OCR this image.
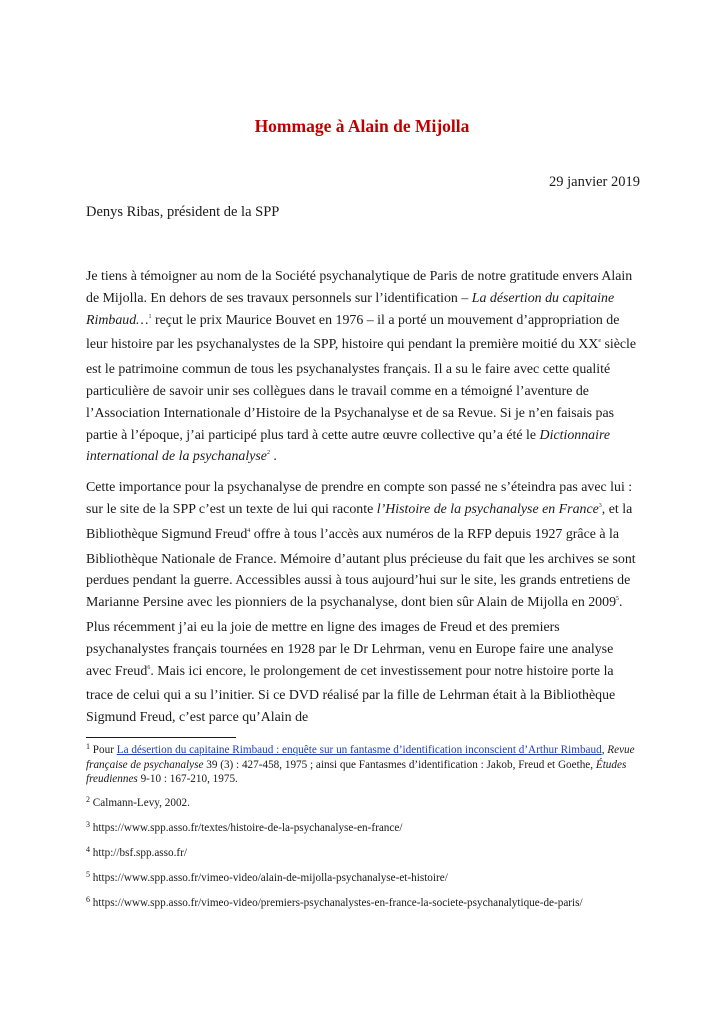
Hommage à Alain de Mijolla

29 janvier 2019

Denys Ribas, président de la SPP

Je tiens à témoigner au nom de la Société psychanalytique de Paris de notre gratitude envers Alain de Mijolla. En dehors de ses travaux personnels sur l’identification – La désertion du capitaine Rimbaud…$^1$ reçut le prix Maurice Bouvet en 1976 – il a porté un mouvement d’appropriation de leur histoire par les psychanalystes de la SPP, histoire qui pendant la première moitié du XXe siècle est le patrimoine commun de tous les psychanalystes français. Il a su le faire avec cette qualité particulière de savoir unir ses collègues dans le travail comme en a témoigné l’aventure de l’Association Internationale d’Histoire de la Psychanalyse et de sa Revue. Si je n’en faisais pas partie à l’époque, j’ai participé plus tard à cette autre œuvre collective qu’a été le Dictionnaire international de la psychanalyse$^2$ .

Cette importance pour la psychanalyse de prendre en compte son passé ne s’éteindra pas avec lui : sur le site de la SPP c’est un texte de lui qui raconte l’Histoire de la psychanalyse en France$^3$, et la Bibliothèque Sigmund Freud$^4$ offre à tous l’accès aux numéros de la RFP depuis 1927 grâce à la Bibliothèque Nationale de France. Mémoire d’autant plus précieuse du fait que les archives se sont perdues pendant la guerre. Accessibles aussi à tous aujourd’hui sur le site, les grands entretiens de Marianne Persine avec les pionniers de la psychanalyse, dont bien sûr Alain de Mijolla en 2009$^5$. Plus récemment j’ai eu la joie de mettre en ligne des images de Freud et des premiers psychanalystes français tournées en 1928 par le Dr Lehrman, venu en Europe faire une analyse avec Freud$^6$. Mais ici encore, le prolongement de cet investissement pour notre histoire porte la trace de celui qui a su l’initier. Si ce DVD réalisé par la fille de Lehrman était à la Bibliothèque Sigmund Freud, c’est parce qu’Alain de

$^1$ Pour La désertion du capitaine Rimbaud : enquête sur un fantasme d’identification inconscient d’Arthur Rimbaud, Revue française de psychanalyse 39 (3) : 427-458, 1975 ; ainsi que Fantasmes d’identification : Jakob, Freud et Goethe, Études freudiennes 9-10 : 167-210, 1975.

$^2$ Calmann-Levy, 2002.

$^3$ https://www.spp.asso.fr/textes/histoire-de-la-psychanalyse-en-france/

$^4$ http://bsf.spp.asso.fr/

$^5$ https://www.spp.asso.fr/vimeo-video/alain-de-mijolla-psychanalyse-et-histoire/

$^6$ https://www.spp.asso.fr/vimeo-video/premiers-psychanalystes-en-france-la-societe-psychanalytique-de-paris/
